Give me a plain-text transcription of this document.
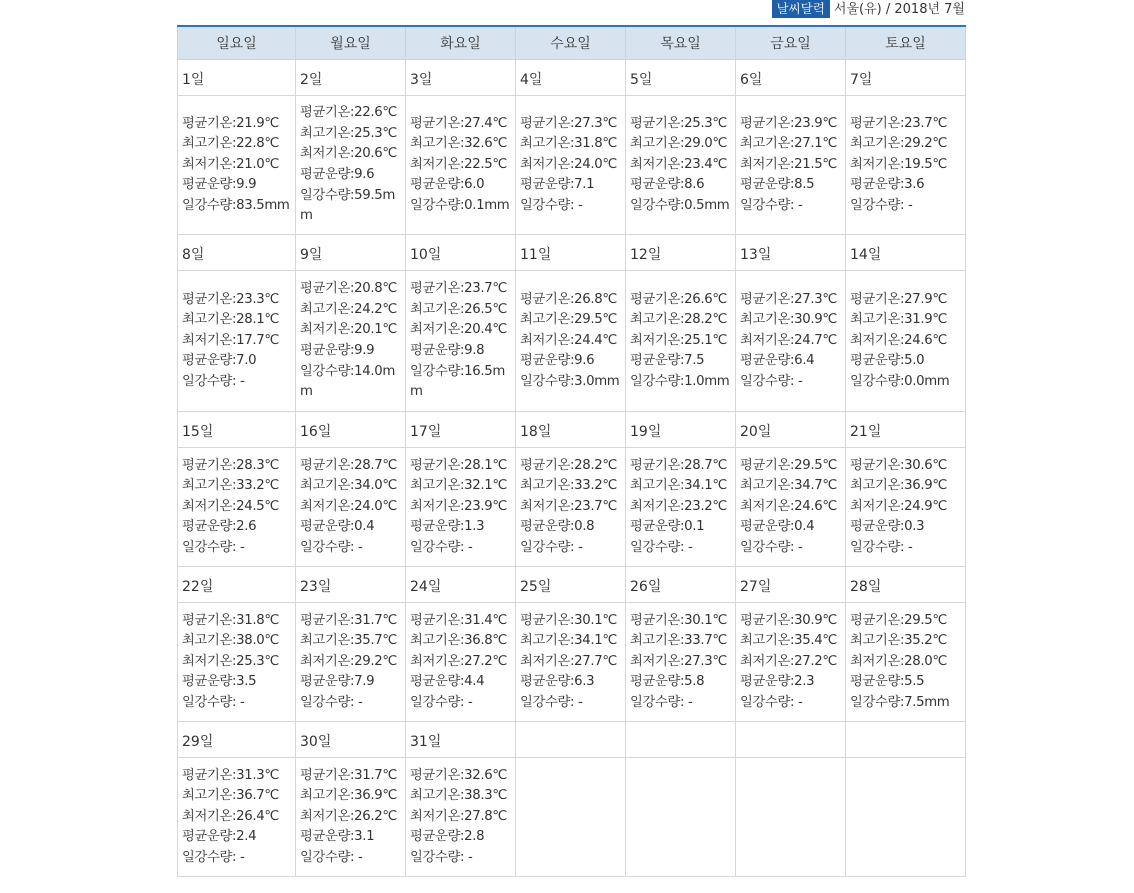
날씨달력 서울(유) / 2018년 7월
일요일	월요일	화요일	수요일	목요일	금요일	토요일
1일	2일	3일	4일	5일	6일	7일

평균기온:21.9℃
최고기온:22.8℃
최저기온:21.0℃
평균운량:9.9
일강수량:83.5mm	평균기온:22.6℃
최고기온:25.3℃
최저기온:20.6℃
평균운량:9.6
일강수량:59.5mm	평균기온:27.4℃
최고기온:32.6℃
최저기온:22.5℃
평균운량:6.0
일강수량:0.1mm	평균기온:27.3℃
최고기온:31.8℃
최저기온:24.0℃
평균운량:7.1
일강수량: -	평균기온:25.3℃
최고기온:29.0℃
최저기온:23.4℃
평균운량:8.6
일강수량:0.5mm	평균기온:23.9℃
최고기온:27.1℃
최저기온:21.5℃
평균운량:8.5
일강수량: -	평균기온:23.7℃
최고기온:29.2℃
최저기온:19.5℃
평균운량:3.6
일강수량: -

8일	9일	10일	11일	12일	13일	14일

평균기온:23.3℃
최고기온:28.1℃
최저기온:17.7℃
평균운량:7.0
일강수량: -	평균기온:20.8℃
최고기온:24.2℃
최저기온:20.1℃
평균운량:9.9
일강수량:14.0mm	평균기온:23.7℃
최고기온:26.5℃
최저기온:20.4℃
평균운량:9.8
일강수량:16.5mm	평균기온:26.8℃
최고기온:29.5℃
최저기온:24.4℃
평균운량:9.6
일강수량:3.0mm	평균기온:26.6℃
최고기온:28.2℃
최저기온:25.1℃
평균운량:7.5
일강수량:1.0mm	평균기온:27.3℃
최고기온:30.9℃
최저기온:24.7℃
평균운량:6.4
일강수량: -	평균기온:27.9℃
최고기온:31.9℃
최저기온:24.6℃
평균운량:5.0
일강수량:0.0mm

15일	16일	17일	18일	19일	20일	21일

평균기온:28.3℃
최고기온:33.2℃
최저기온:24.5℃
평균운량:2.6
일강수량: -	평균기온:28.7℃
최고기온:34.0℃
최저기온:24.0℃
평균운량:0.4
일강수량: -	평균기온:28.1℃
최고기온:32.1℃
최저기온:23.9℃
평균운량:1.3
일강수량: -	평균기온:28.2℃
최고기온:33.2℃
최저기온:23.7℃
평균운량:0.8
일강수량: -	평균기온:28.7℃
최고기온:34.1℃
최저기온:23.2℃
평균운량:0.1
일강수량: -	평균기온:29.5℃
최고기온:34.7℃
최저기온:24.6℃
평균운량:0.4
일강수량: -	평균기온:30.6℃
최고기온:36.9℃
최저기온:24.9℃
평균운량:0.3
일강수량: -

22일	23일	24일	25일	26일	27일	28일

평균기온:31.8℃
최고기온:38.0℃
최저기온:25.3℃
평균운량:3.5
일강수량: -	평균기온:31.7℃
최고기온:35.7℃
최저기온:29.2℃
평균운량:7.9
일강수량: -	평균기온:31.4℃
최고기온:36.8℃
최저기온:27.2℃
평균운량:4.4
일강수량: -	평균기온:30.1℃
최고기온:34.1℃
최저기온:27.7℃
평균운량:6.3
일강수량: -	평균기온:30.1℃
최고기온:33.7℃
최저기온:27.3℃
평균운량:5.8
일강수량: -	평균기온:30.9℃
최고기온:35.4℃
최저기온:27.2℃
평균운량:2.3
일강수량: -	평균기온:29.5℃
최고기온:35.2℃
최저기온:28.0℃
평균운량:5.5
일강수량:7.5mm

29일	30일	31일				

평균기온:31.3℃
최고기온:36.7℃
최저기온:26.4℃
평균운량:2.4
일강수량: -	평균기온:31.7℃
최고기온:36.9℃
최저기온:26.2℃
평균운량:3.1
일강수량: -	평균기온:32.6℃
최고기온:38.3℃
최저기온:27.8℃
평균운량:2.8
일강수량: -				
